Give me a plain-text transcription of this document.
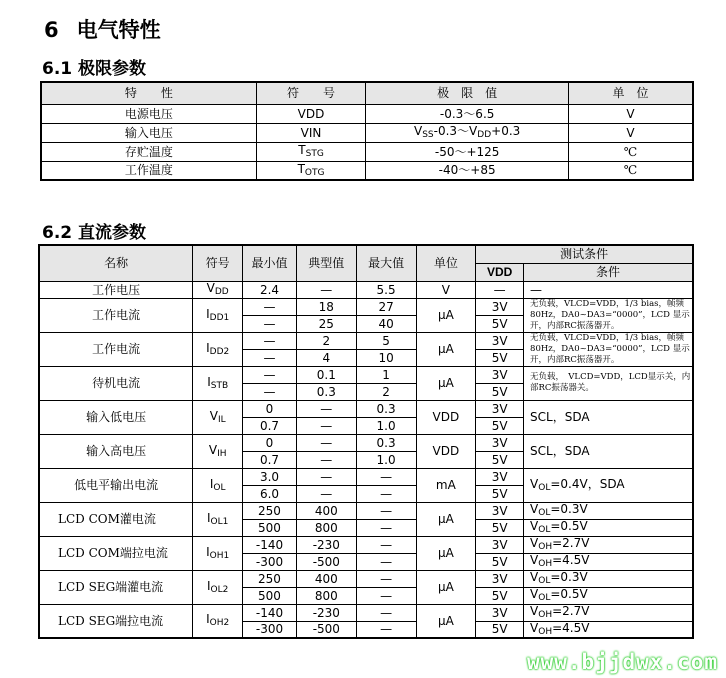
6 电气特性
6.1 极限参数
特　　性	符　　号	极　限　值	单　位
电源电压	VDD	-0.3～6.5	V
输入电压	VIN	$V_{SS}-0.3\sim V_{DD}+0.3$	V
存贮温度	$T_{STG}$	-50～+125	℃
工作温度	$T_{OTG}$	-40～+85	℃
6.2 直流参数
名称	符号	最小值	典型值	最大值	单位	测试条件	
						VDD	条件
工作电压	$V_{DD}$	2.4	—	5.5	V	—	—
工作电流	$I_{DD1}$	—	18	27	μA	3V	无负载，VLCD=VDD，1/3 bias，帧频80Hz，DA0~DA3=“0000”，LCD 显示开，内部RC振荡器开。
		—	25	40		5V	
工作电流	$I_{DD2}$	—	2	5	μA	3V	无负载，VLCD=VDD，1/3 bias，帧频80Hz，DA0~DA3=“0000”，LCD 显示开，内部RC振荡器开。
		—	4	10		5V	
待机电流	$I_{STB}$	—	0.1	1	μA	3V	无负载，　VLCD=VDD，LCD显示关，内部RC振荡器关。
		—	0.3	2		5V	
输入低电压	$V_{IL}$	0	—	0.3	VDD	3V	SCL，SDA
		0.7	—	1.0		5V	
输入高电压	$V_{IH}$	0	—	0.3	VDD	3V	SCL，SDA
		0.7	—	1.0		5V	
低电平输出电流	$I_{OL}$	3.0	—	—	mA	3V	$V_{OL}=0.4V$，SDA
		6.0	—	—		5V	
LCD COM灌电流	$I_{OL1}$	250	400	—	μA	3V	$V_{OL}=0.3V$
		500	800	—		5V	$V_{OL}=0.5V$
LCD COM端拉电流	$I_{OH1}$	-140	-230	—	μA	3V	$V_{OH}=2.7V$
		-300	-500	—		5V	$V_{OH}=4.5V$
LCD SEG端灌电流	$I_{OL2}$	250	400	—	μA	3V	$V_{OL}=0.3V$
		500	800	—		5V	$V_{OL}=0.5V$
LCD SEG端拉电流	$I_{OH2}$	-140	-230	—	μA	3V	$V_{OH}=2.7V$
		-300	-500	—		5V	$V_{OH}=4.5V$
www.bjjdwx.com
